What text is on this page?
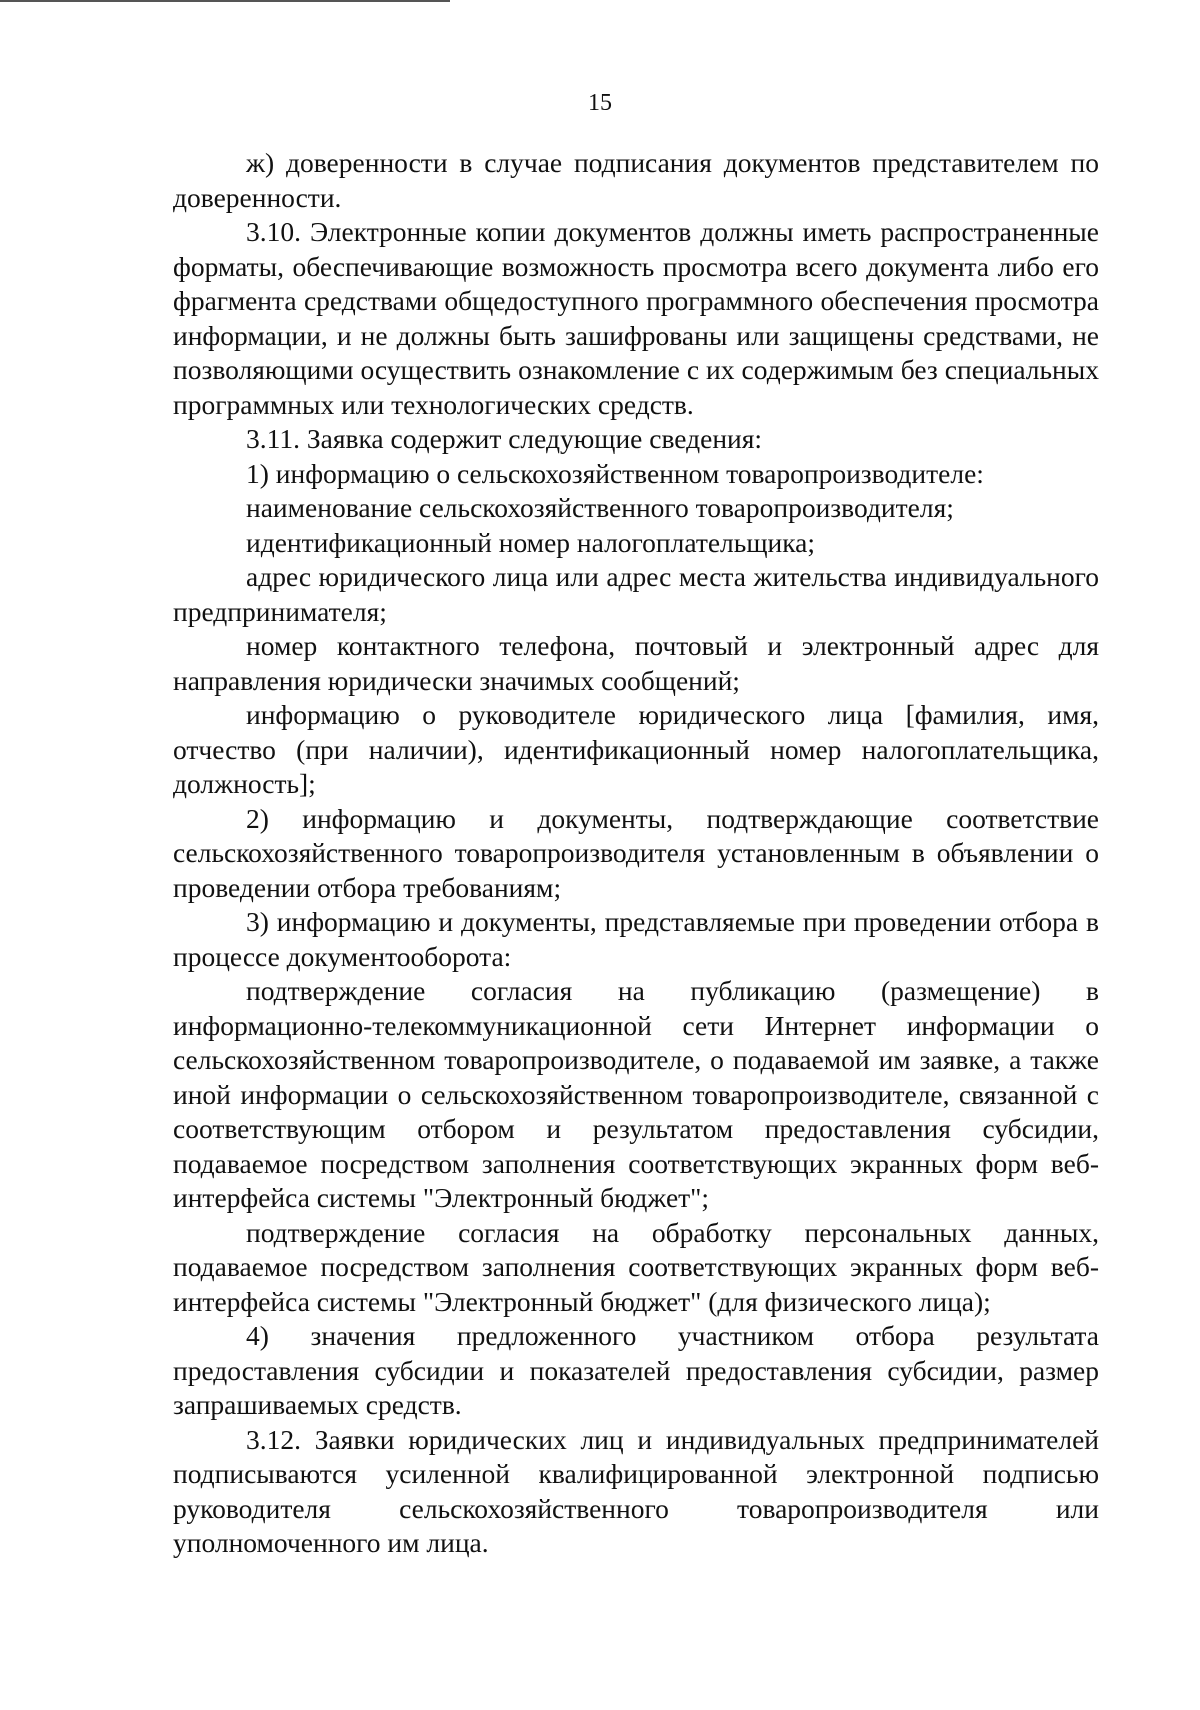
15

ж) доверенности в случае подписания документов представителем по доверенности.

3.10. Электронные копии документов должны иметь распространенные форматы, обеспечивающие возможность просмотра всего документа либо его фрагмента средствами общедоступного программного обеспечения просмотра информации, и не должны быть зашифрованы или защищены средствами, не позволяющими осуществить ознакомление с их содержимым без специальных программных или технологических средств.

3.11. Заявка содержит следующие сведения:

1) информацию о сельскохозяйственном товаропроизводителе:

наименование сельскохозяйственного товаропроизводителя;

идентификационный номер налогоплательщика;

адрес юридического лица или адрес места жительства индивидуального предпринимателя;

номер контактного телефона, почтовый и электронный адрес для направления юридически значимых сообщений;

информацию о руководителе юридического лица [фамилия, имя, отчество (при наличии), идентификационный номер налогоплательщика, должность];

2) информацию и документы, подтверждающие соответствие сельскохозяйственного товаропроизводителя установленным в объявлении о проведении отбора требованиям;

3) информацию и документы, представляемые при проведении отбора в процессе документооборота:

подтверждение согласия на публикацию (размещение) в информационно-телекоммуникационной сети Интернет информации о сельскохозяйственном товаропроизводителе, о подаваемой им заявке, а также иной информации о сельскохозяйственном товаропроизводителе, связанной с соответствующим отбором и результатом предоставления субсидии, подаваемое посредством заполнения соответствующих экранных форм веб-интерфейса системы "Электронный бюджет";

подтверждение согласия на обработку персональных данных, подаваемое посредством заполнения соответствующих экранных форм веб-интерфейса системы "Электронный бюджет" (для физического лица);

4) значения предложенного участником отбора результата предоставления субсидии и показателей предоставления субсидии, размер запрашиваемых средств.

3.12. Заявки юридических лиц и индивидуальных предпринимателей подписываются усиленной квалифицированной электронной подписью руководителя сельскохозяйственного товаропроизводителя или уполномоченного им лица.
